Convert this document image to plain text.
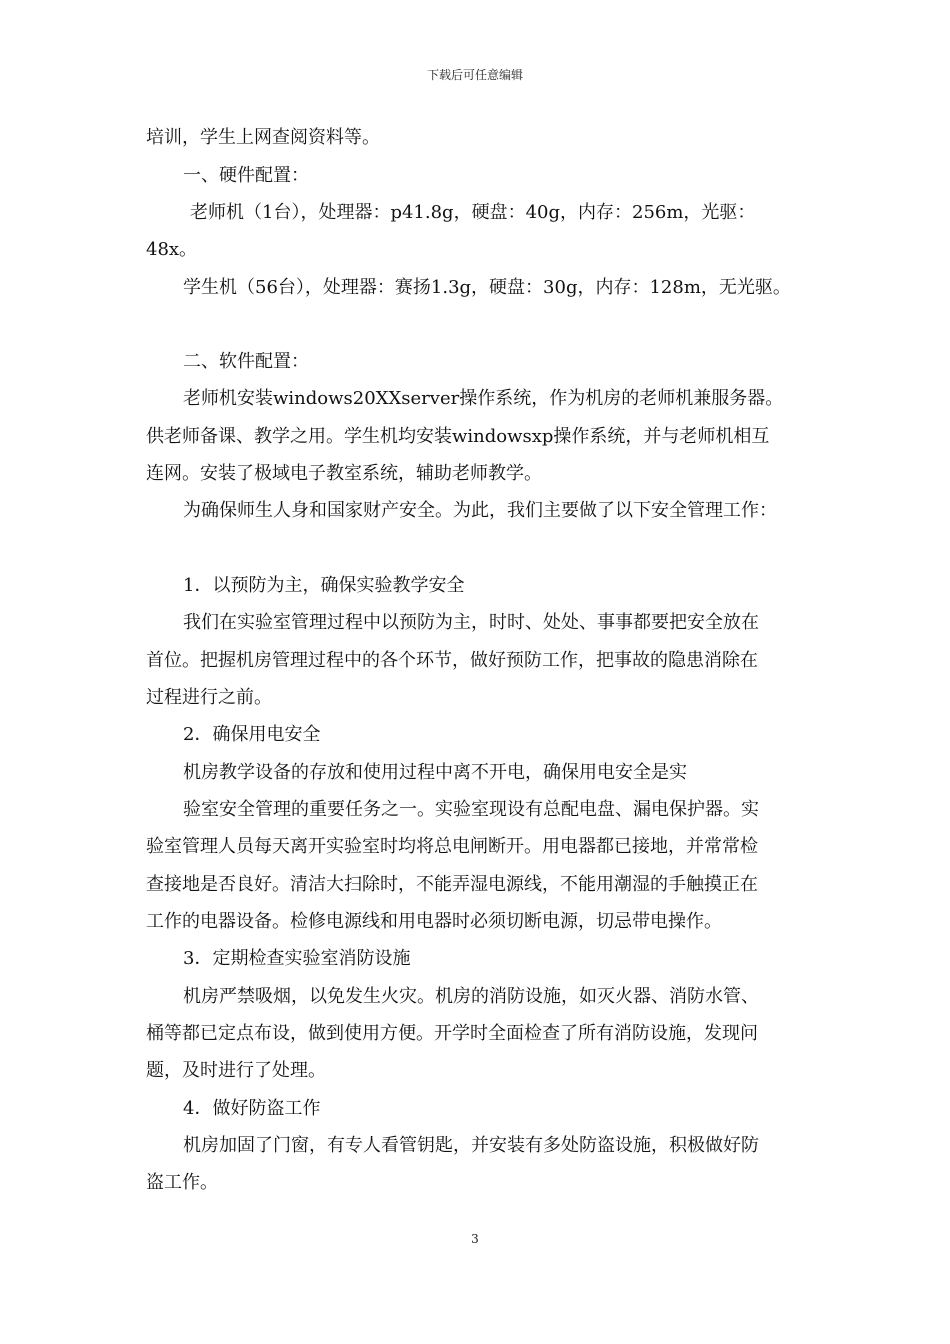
下载后可任意编辑
培训，学生上网查阅资料等。
一、硬件配置：
老师机（1台），处理器：p41.8g，硬盘：40g，内存：256m，光驱：
48x。
学生机（56台），处理器：赛扬1.3g，硬盘：30g，内存：128m，无光驱。
二、软件配置：
老师机安装windows20XXserver操作系统，作为机房的老师机兼服务器。
供老师备课、教学之用。学生机均安装windowsxp操作系统，并与老师机相互
连网。安装了极域电子教室系统，辅助老师教学。
为确保师生人身和国家财产安全。为此，我们主要做了以下安全管理工作：
1．以预防为主，确保实验教学安全
我们在实验室管理过程中以预防为主，时时、处处、事事都要把安全放在
首位。把握机房管理过程中的各个环节，做好预防工作，把事故的隐患消除在
过程进行之前。
2．确保用电安全
机房教学设备的存放和使用过程中离不开电，确保用电安全是实
验室安全管理的重要任务之一。实验室现设有总配电盘、漏电保护器。实
验室管理人员每天离开实验室时均将总电闸断开。用电器都已接地，并常常检
查接地是否良好。清洁大扫除时，不能弄湿电源线，不能用潮湿的手触摸正在
工作的电器设备。检修电源线和用电器时必须切断电源，切忌带电操作。
3．定期检查实验室消防设施
机房严禁吸烟，以免发生火灾。机房的消防设施，如灭火器、消防水管、
桶等都已定点布设，做到使用方便。开学时全面检查了所有消防设施，发现问
题，及时进行了处理。
4．做好防盗工作
机房加固了门窗，有专人看管钥匙，并安装有多处防盗设施，积极做好防
盗工作。
3
